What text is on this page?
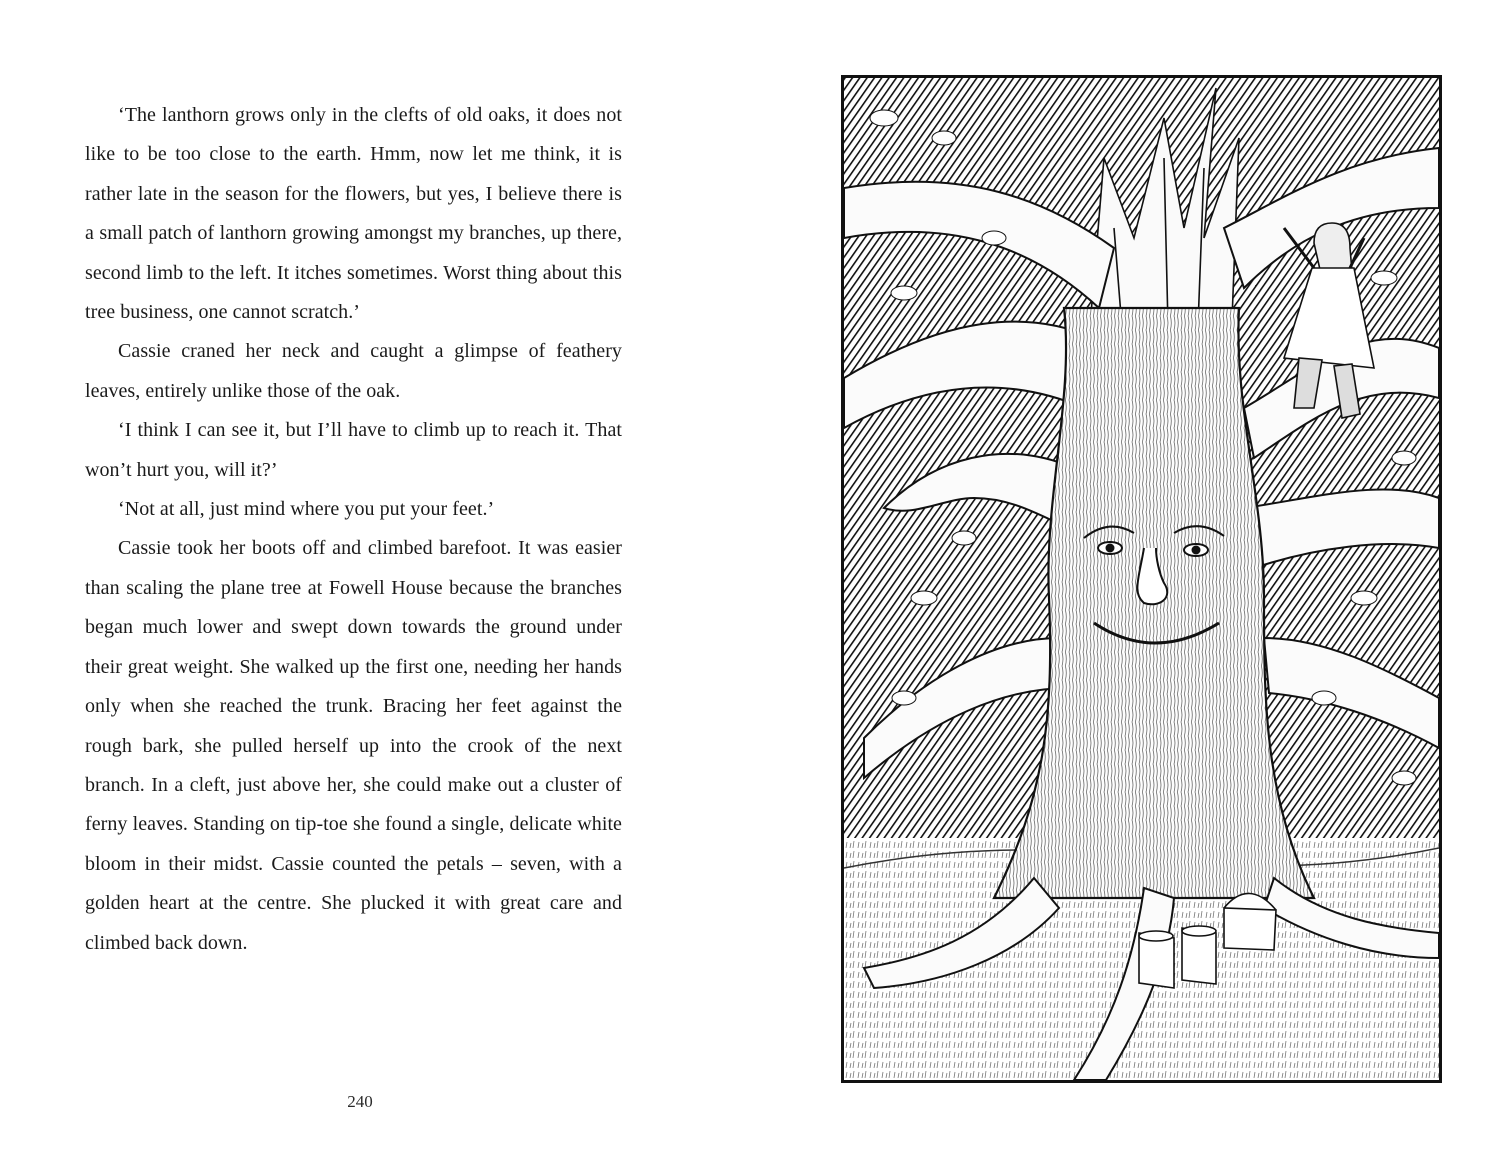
‘The lanthorn grows only in the clefts of old oaks, it does not like to be too close to the earth. Hmm, now let me think, it is rather late in the season for the flowers, but yes, I believe there is a small patch of lanthorn growing amongst my branches, up there, second limb to the left. It itches sometimes. Worst thing about this tree business, one cannot scratch.’

Cassie craned her neck and caught a glimpse of feathery leaves, entirely unlike those of the oak.

‘I think I can see it, but I’ll have to climb up to reach it. That won’t hurt you, will it?’

‘Not at all, just mind where you put your feet.’

Cassie took her boots off and climbed barefoot. It was easier than scaling the plane tree at Fowell House because the branches began much lower and swept down towards the ground under their great weight. She walked up the first one, needing her hands only when she reached the trunk. Bracing her feet against the rough bark, she pulled herself up into the crook of the next branch. In a cleft, just above her, she could make out a cluster of ferny leaves. Standing on tip-toe she found a single, delicate white bloom in their midst. Cassie counted the petals – seven, with a golden heart at the centre. She plucked it with great care and climbed back down.

240
